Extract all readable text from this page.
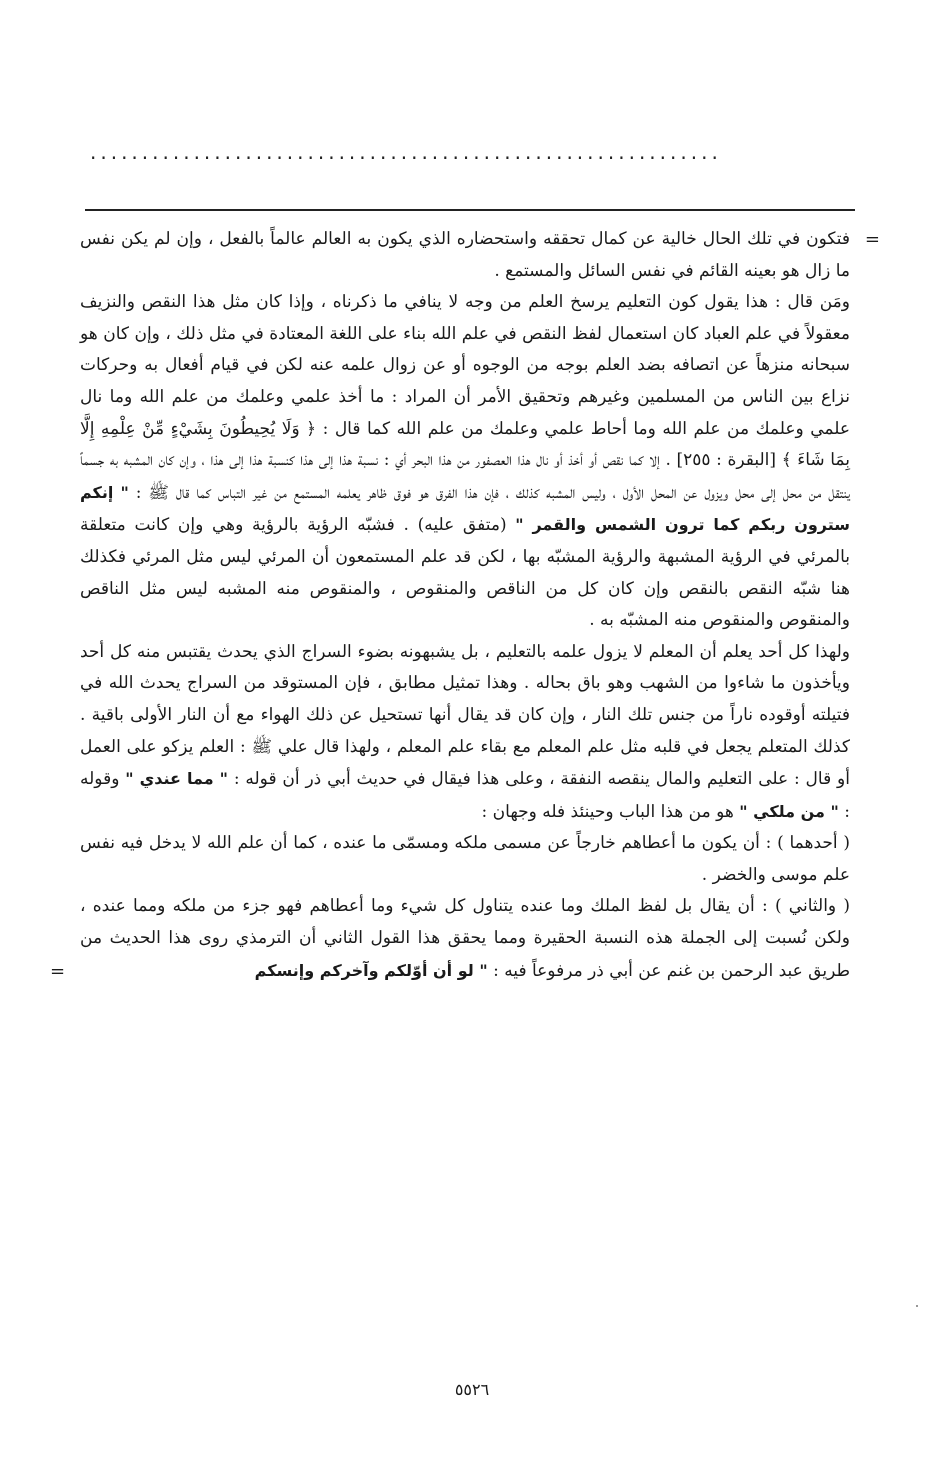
.............................................................

=
فتكون في تلك الحال خالية عن كمال تحققه واستحضاره الذي يكون به العالم عالماً بالفعل ، وإن لم يكن نفس ما زال هو بعينه القائم في نفس السائل والمستمع .

ومَن قال : هذا يقول كون التعليم يرسخ العلم من وجه لا ينافي ما ذكرناه ، وإذا كان مثل هذا النقص والنزيف معقولاً في علم العباد كان استعمال لفظ النقص في علم الله بناء على اللغة المعتادة في مثل ذلك ، وإن كان هو سبحانه منزهاً عن اتصافه بضد العلم بوجه من الوجوه أو عن زوال علمه عنه لكن في قيام أفعال به وحركات نزاع بين الناس من المسلمين وغيرهم وتحقيق الأمر أن المراد : ما أخذ علمي وعلمك من علم الله وما نال علمي وعلمك من علم الله وما أحاط علمي وعلمك من علم الله كما قال : ﴿ وَلَا يُحِيطُونَ بِشَيْءٍ مِّنْ عِلْمِهِ إِلَّا بِمَا شَاءَ ﴾ [البقرة : ٢٥٥] . إلا كما نقص أو أخذ أو نال هذا العصفور من هذا البحر أي : نسبة هذا إلى هذا كنسبة هذا إلى هذا ، وإن كان المشبه به جسماً ينتقل من محل إلى محل ويزول عن المحل الأول ، وليس المشبه كذلك ، فإن هذا الفرق هو فوق ظاهر يعلمه المستمع من غير التباس كما قال ﷺ : " إنكم سترون ربكم كما ترون الشمس والقمر " (متفق عليه) . فشبّه الرؤية بالرؤية وهي وإن كانت متعلقة بالمرئي في الرؤية المشبهة والرؤية المشبّه بها ، لكن قد علم المستمعون أن المرئي ليس مثل المرئي فكذلك هنا شبّه النقص بالنقص وإن كان كل من الناقص والمنقوص ، والمنقوص منه المشبه ليس مثل الناقص والمنقوص والمنقوص منه المشبّه به .

ولهذا كل أحد يعلم أن المعلم لا يزول علمه بالتعليم ، بل يشبهونه بضوء السراج الذي يحدث يقتبس منه كل أحد ويأخذون ما شاءوا من الشهب وهو باق بحاله . وهذا تمثيل مطابق ، فإن المستوقد من السراج يحدث الله في فتيلته أوقوده ناراً من جنس تلك النار ، وإن كان قد يقال أنها تستحيل عن ذلك الهواء مع أن النار الأولى باقية . كذلك المتعلم يجعل في قلبه مثل علم المعلم مع بقاء علم المعلم ، ولهذا قال علي ﷺ : العلم يزكو على العمل أو قال : على التعليم والمال ينقصه النفقة ، وعلى هذا فيقال في حديث أبي ذر أن قوله : " مما عندي " وقوله : " من ملكي " هو من هذا الباب وحينئذ فله وجهان :

( أحدهما ) : أن يكون ما أعطاهم خارجاً عن مسمى ملكه ومسمّى ما عنده ، كما أن علم الله لا يدخل فيه نفس علم موسى والخضر .

( والثاني ) : أن يقال بل لفظ الملك وما عنده يتناول كل شيء وما أعطاهم فهو جزء من ملكه ومما عنده ، ولكن نُسبت إلى الجملة هذه النسبة الحقيرة ومما يحقق هذا القول الثاني أن الترمذي روى هذا الحديث من طريق عبد الرحمن بن غنم عن أبي ذر مرفوعاً فيه : " لو أن أوّلكم وآخركم وإنسكم
=

٥٥٢٦
